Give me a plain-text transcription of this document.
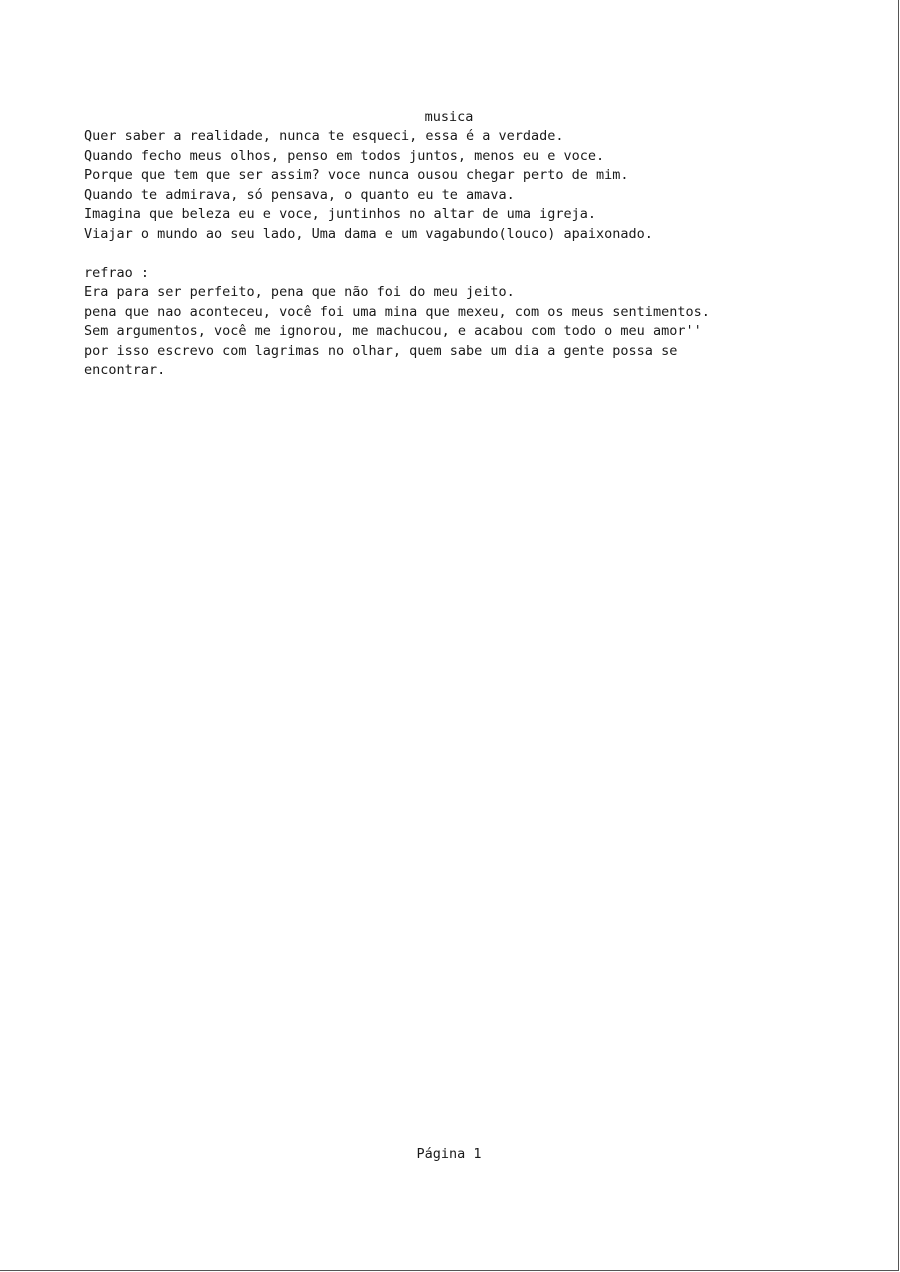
musica
Quer saber a realidade, nunca te esqueci, essa é a verdade.
Quando fecho meus olhos, penso em todos juntos, menos eu e voce.
Porque que tem que ser assim? voce nunca ousou chegar perto de mim.
Quando te admirava, só pensava, o quanto eu te amava.
Imagina que beleza eu e voce, juntinhos no altar de uma igreja.
Viajar o mundo ao seu lado, Uma dama e um vagabundo(louco) apaixonado.
refrao :
Era para ser perfeito, pena que não foi do meu jeito.
pena que nao aconteceu, você foi uma mina que mexeu, com os meus sentimentos.
Sem argumentos, você me ignorou, me machucou, e acabou com todo o meu amor''
por isso escrevo com lagrimas no olhar, quem sabe um dia a gente possa se
encontrar.
Página 1
